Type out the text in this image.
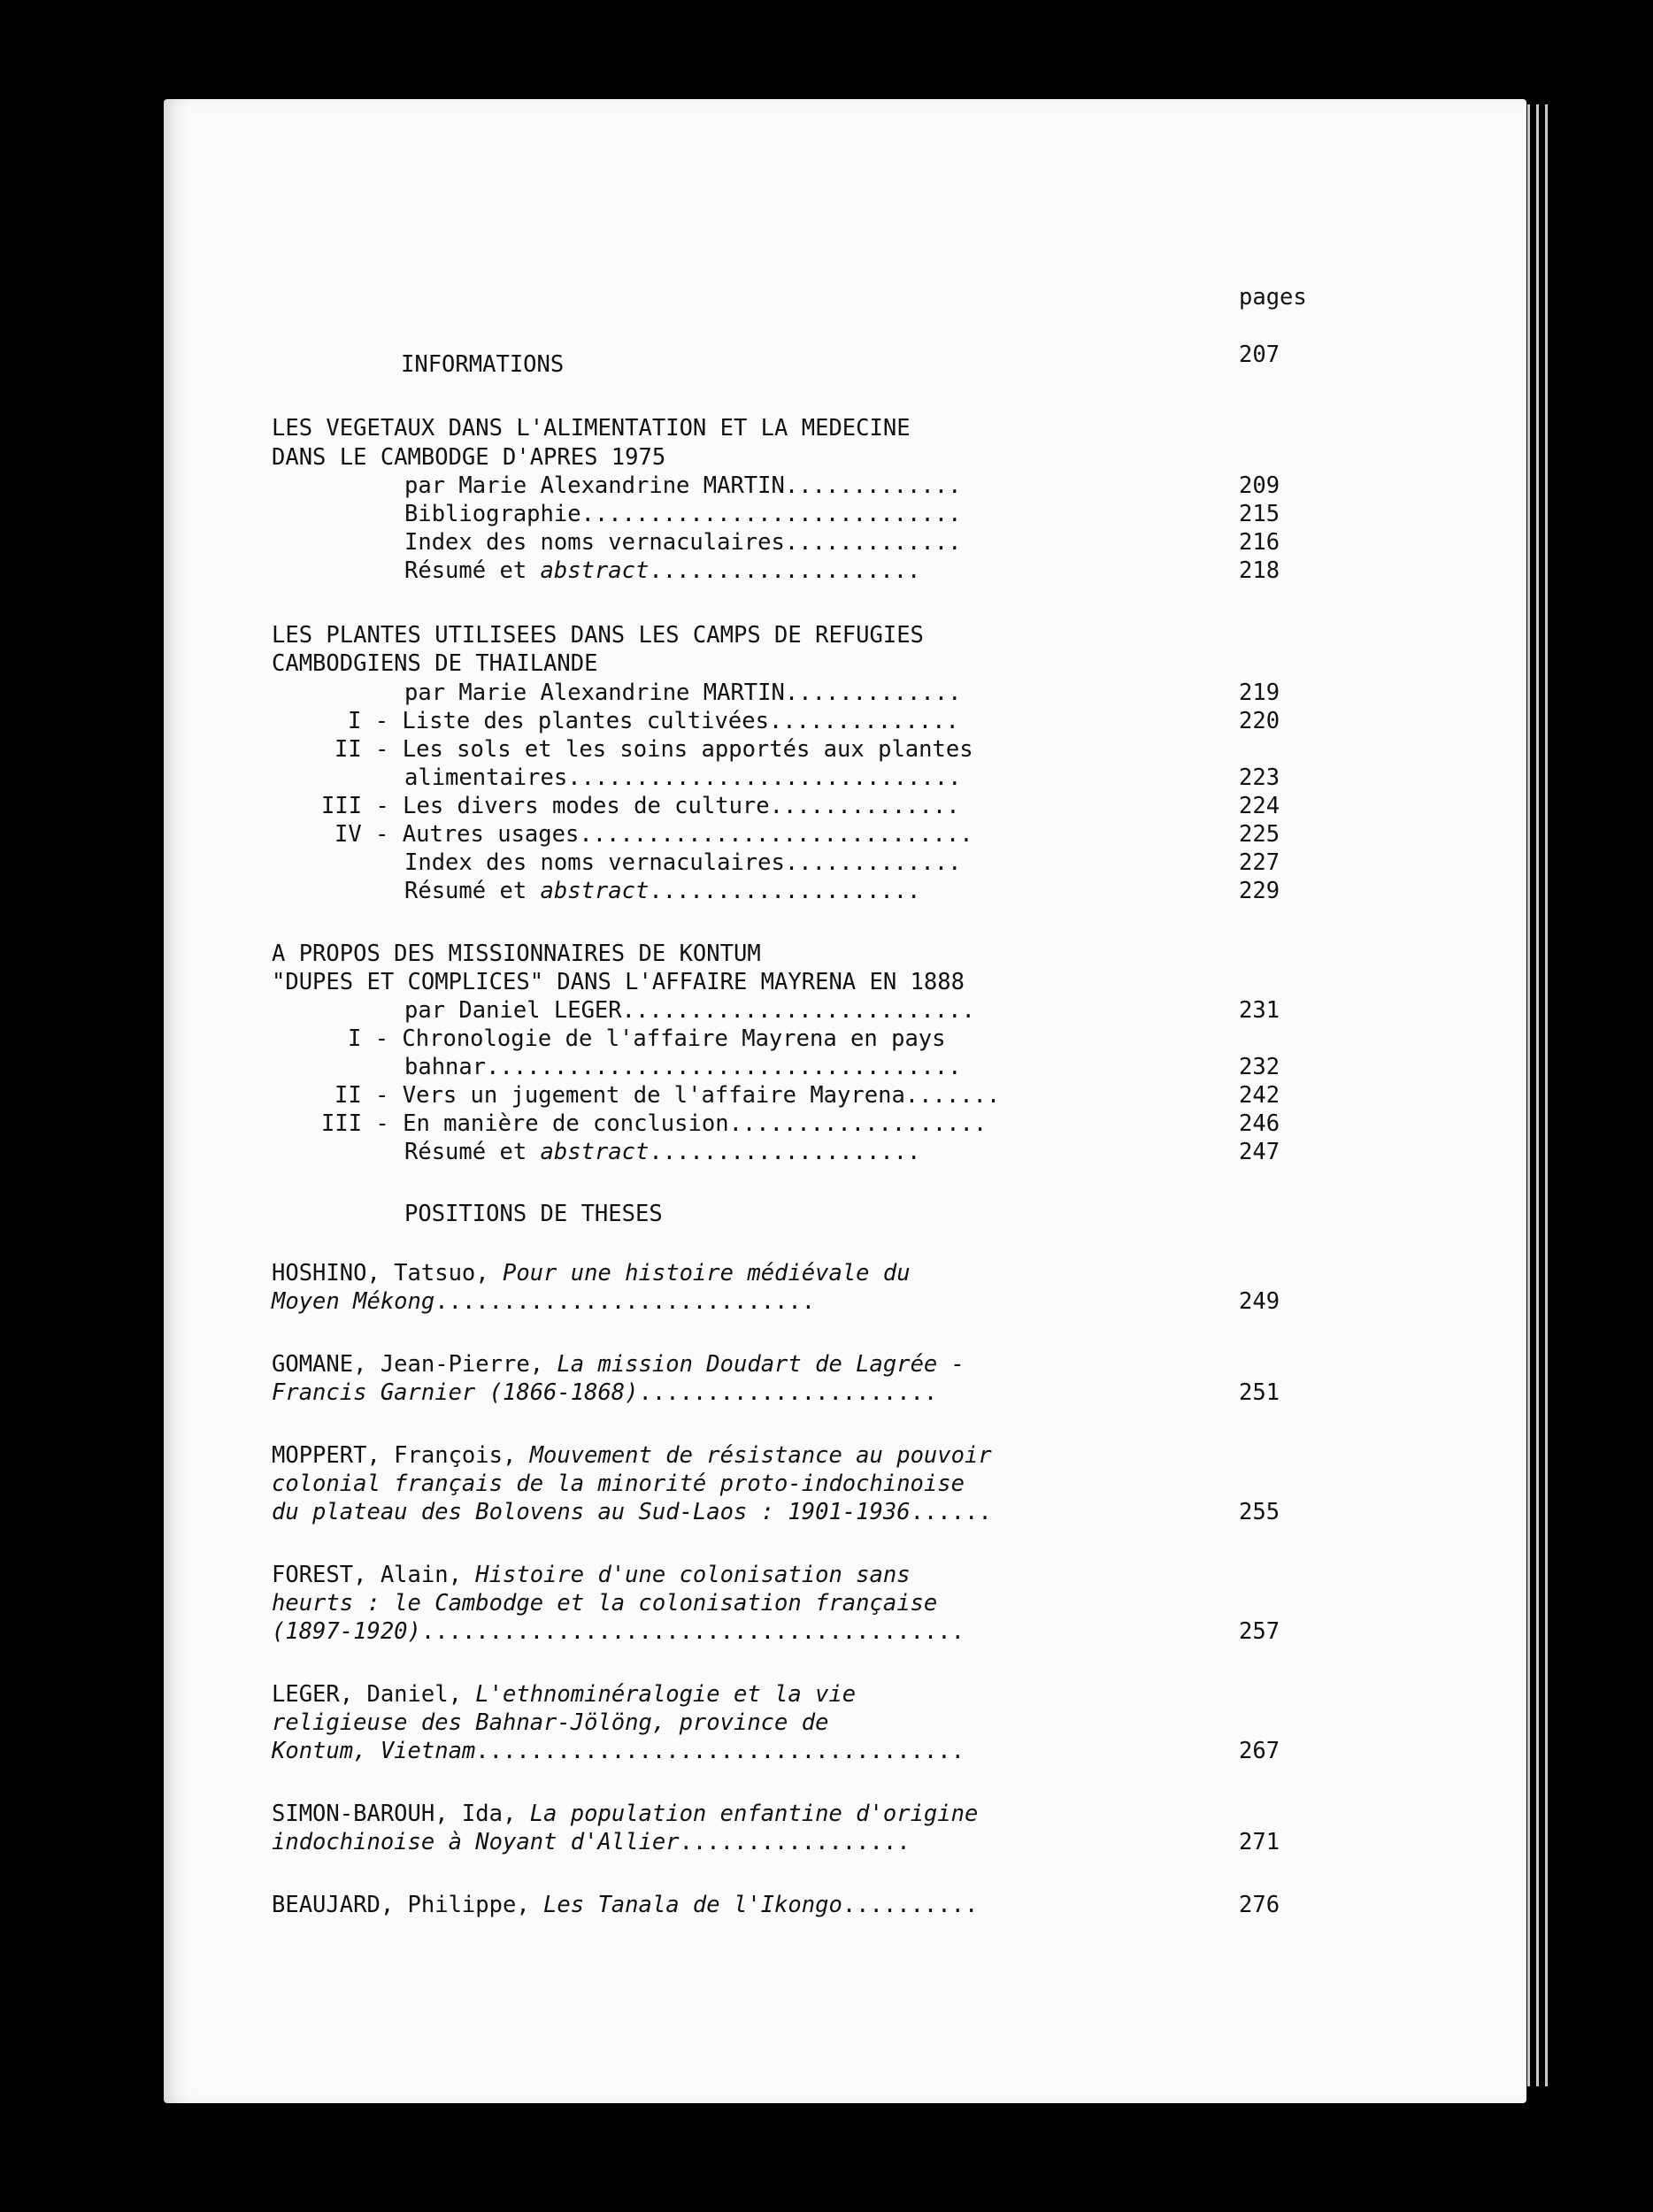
pages
INFORMATIONS	207
LES VEGETAUX DANS L'ALIMENTATION ET LA MEDECINE
DANS LE CAMBODGE D'APRES 1975
par Marie Alexandrine MARTIN.............	209
Bibliographie............................	215
Index des noms vernaculaires.............	216
Résumé et abstract....................	218
LES PLANTES UTILISEES DANS LES CAMPS DE REFUGIES
CAMBODGIENS DE THAILANDE
par Marie Alexandrine MARTIN.............	219
I - Liste des plantes cultivées..............	220
II - Les sols et les soins apportés aux plantes
alimentaires.............................	223
III - Les divers modes de culture..............	224
IV - Autres usages.............................	225
Index des noms vernaculaires.............	227
Résumé et abstract....................	229
A PROPOS DES MISSIONNAIRES DE KONTUM
"DUPES ET COMPLICES" DANS L'AFFAIRE MAYRENA EN 1888
par Daniel LEGER..........................	231
I - Chronologie de l'affaire Mayrena en pays
bahnar...................................	232
II - Vers un jugement de l'affaire Mayrena.......	242
III - En manière de conclusion...................	246
Résumé et abstract....................	247
POSITIONS DE THESES
HOSHINO, Tatsuo, Pour une histoire médiévale du
Moyen Mékong............................	249
GOMANE, Jean-Pierre, La mission Doudart de Lagrée -
Francis Garnier (1866-1868)......................	251
MOPPERT, François, Mouvement de résistance au pouvoir
colonial français de la minorité proto-indochinoise
du plateau des Bolovens au Sud-Laos : 1901-1936......	255
FOREST, Alain, Histoire d'une colonisation sans
heurts : le Cambodge et la colonisation française
(1897-1920)........................................	257
LEGER, Daniel, L'ethnominéralogie et la vie
religieuse des Bahnar-Jölöng, province de
Kontum, Vietnam....................................	267
SIMON-BAROUH, Ida, La population enfantine d'origine
indochinoise à Noyant d'Allier.................	271
BEAUJARD, Philippe, Les Tanala de l'Ikongo..........	276
